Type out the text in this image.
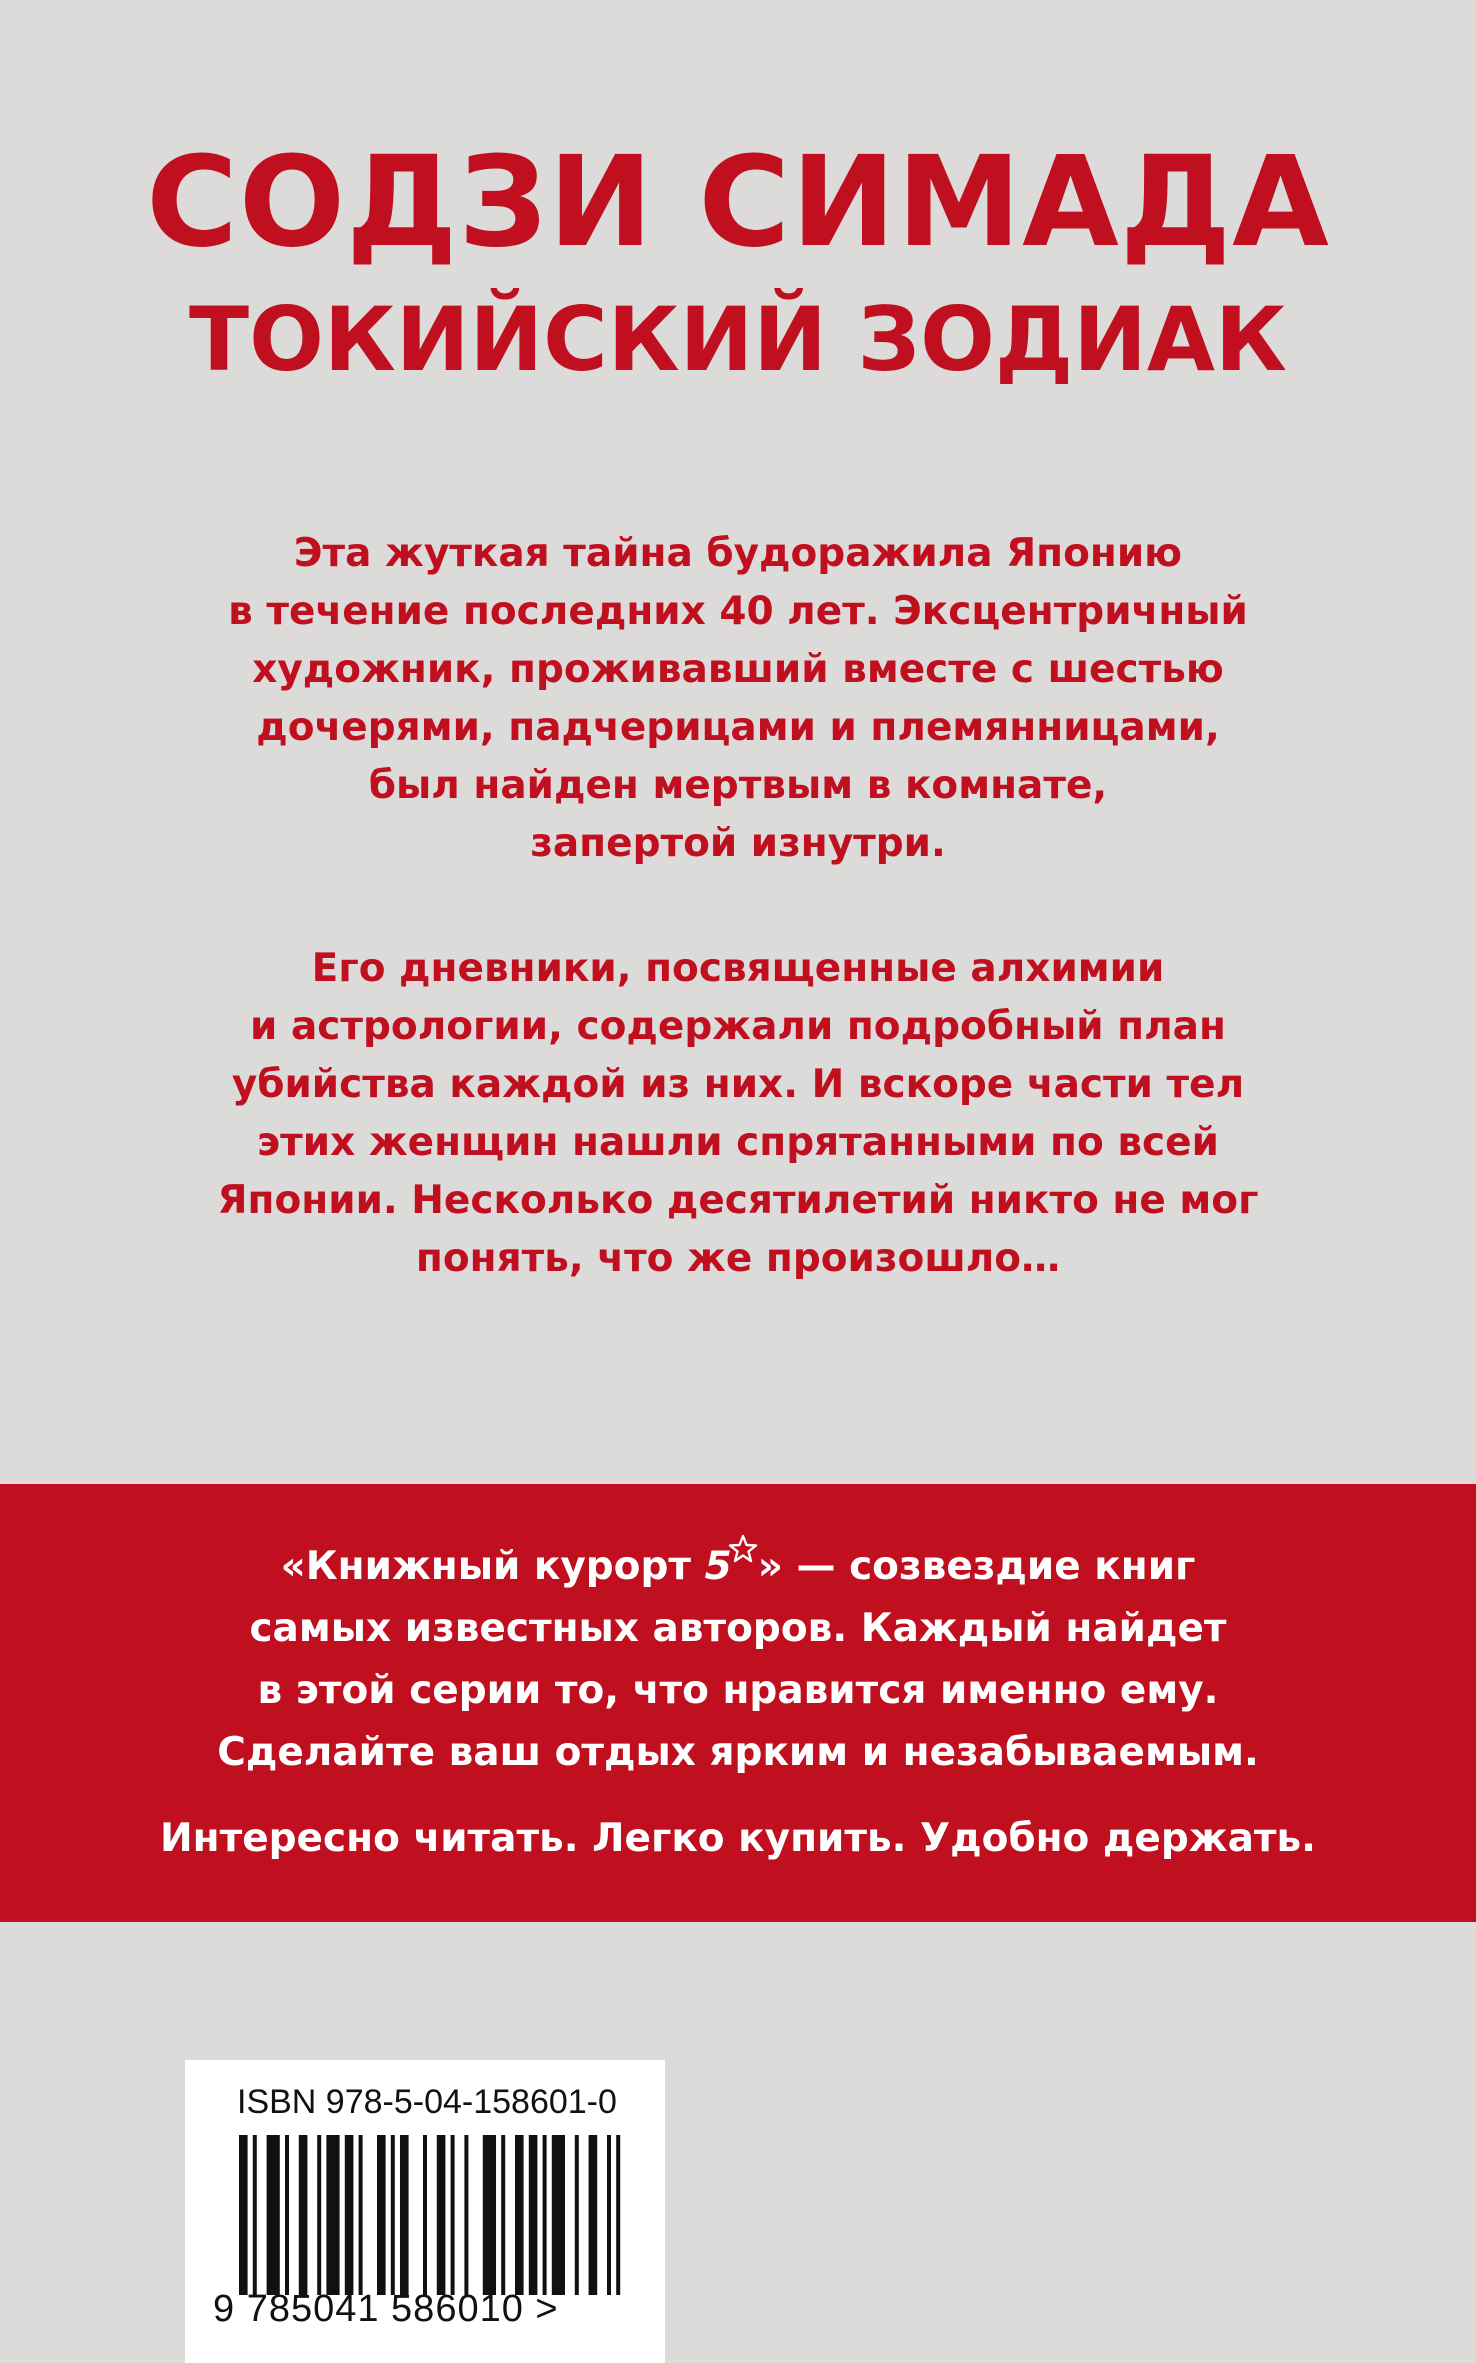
СОДЗИ СИМАДА
ТОКИЙСКИЙ ЗОДИАК
Эта жуткая тайна будоражила Японию
в течение последних 40 лет. Эксцентричный
художник, проживавший вместе с шестью
дочерями, падчерицами и племянницами,
был найден мертвым в комнате,
запертой изнутри.
Его дневники, посвященные алхимии
и астрологии, содержали подробный план
убийства каждой из них. И вскоре части тел
этих женщин нашли спрятанными по всей
Японии. Несколько десятилетий никто не мог
понять, что же произошло…
«Книжный курорт 5 » — созвездие книг
самых известных авторов. Каждый найдет
в этой серии то, что нравится именно ему.
Сделайте ваш отдых ярким и незабываемым.
Интересно читать. Легко купить. Удобно держать.
ISBN 978-5-04-158601-0
9 785041 586010 >
